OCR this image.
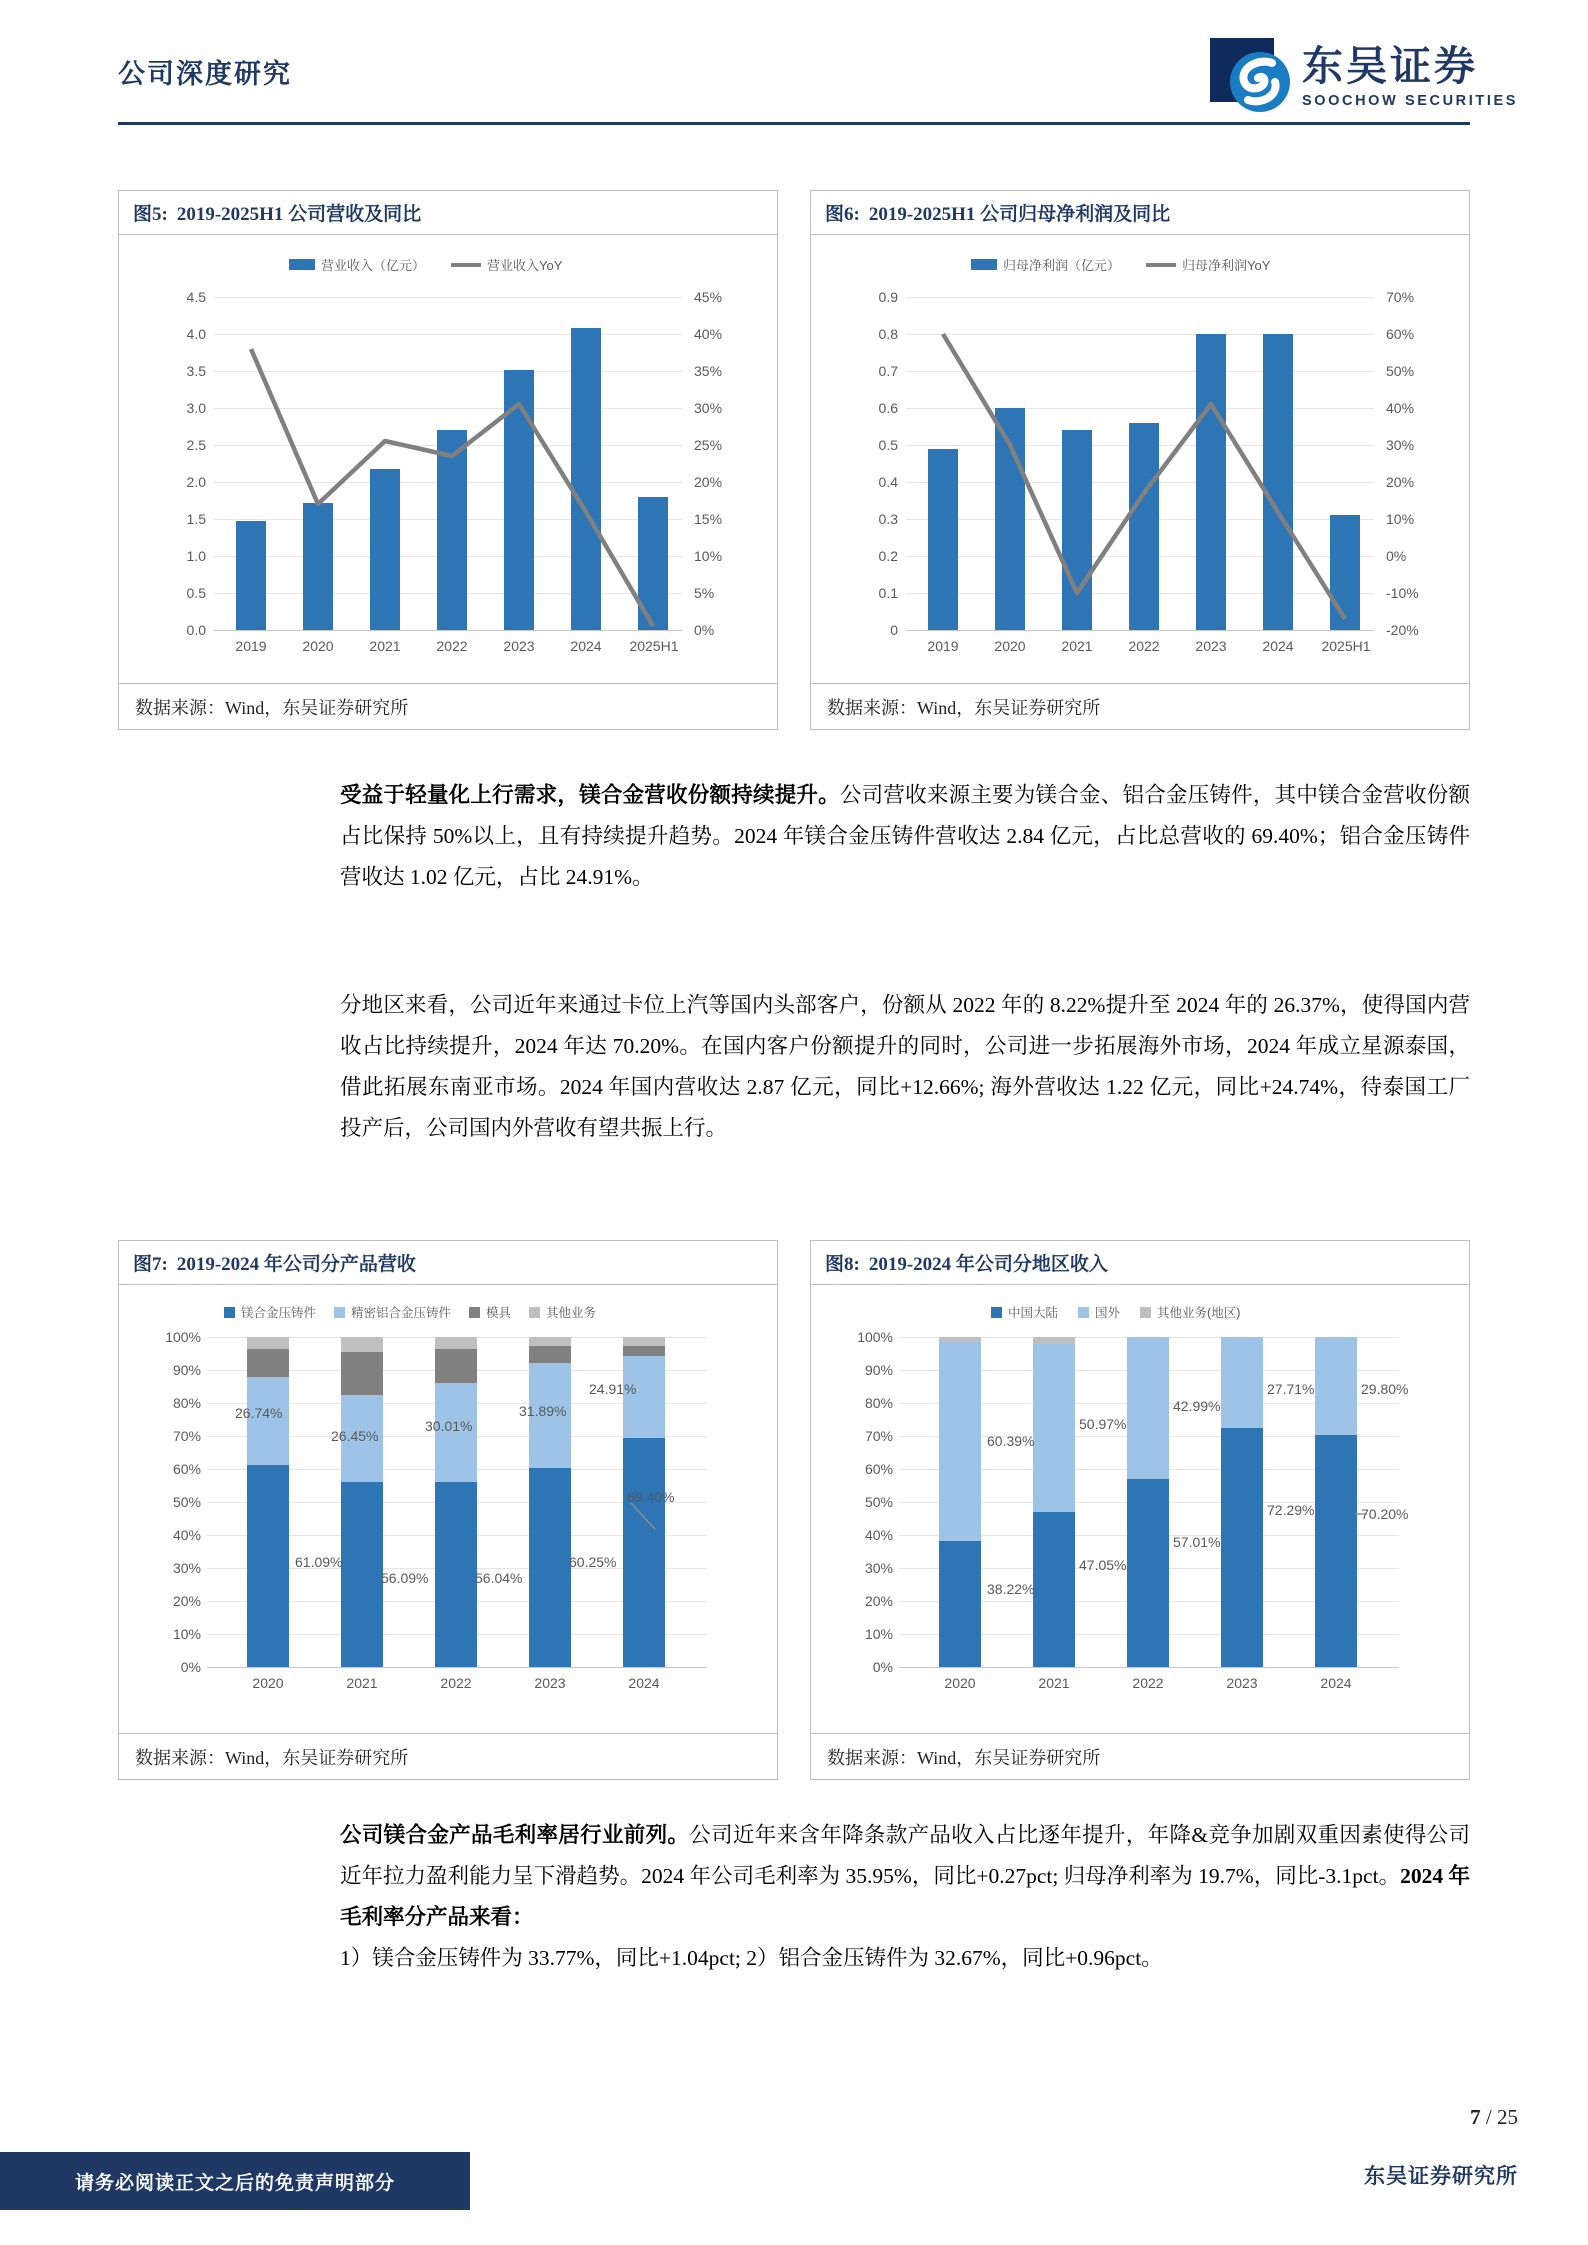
公司深度研究	东吴证券
SOOCHOW SECURITIES
图5: 2019-2025H1 公司营收及同比
营业收入（亿元）	营业收入YoY
4.5
4.0
3.5
3.0
2.5
2.0
1.5
1.0
0.5
0.0
45%
40%
35%
30%
25%
20%
15%
10%
5%
0%
2019	2020	2021	2022	2023	2024	2025H1
数据来源：Wind，东吴证券研究所
图6: 2019-2025H1 公司归母净利润及同比
归母净利润（亿元）	归母净利润YoY
0.9
0.8
0.7
0.6
0.5
0.4
0.3
0.2
0.1
0
70%
60%
50%
40%
30%
20%
10%
0%
-10%
-20%
2019	2020	2021	2022	2023	2024	2025H1
数据来源：Wind，东吴证券研究所
受益于轻量化上行需求，镁合金营收份额持续提升。公司营收来源主要为镁合金、铝合金压铸件，其中镁合金营收份额占比保持 50%以上，且有持续提升趋势。2024 年镁合金压铸件营收达 2.84 亿元，占比总营收的 69.40%；铝合金压铸件营收达 1.02 亿元，占比 24.91%。
分地区来看，公司近年来通过卡位上汽等国内头部客户，份额从 2022 年的 8.22%提升至 2024 年的 26.37%，使得国内营收占比持续提升，2024 年达 70.20%。在国内客户份额提升的同时，公司进一步拓展海外市场，2024 年成立星源泰国，借此拓展东南亚市场。2024 年国内营收达 2.87 亿元，同比+12.66%; 海外营收达 1.22 亿元，同比+24.74%，待泰国工厂投产后，公司国内外营收有望共振上行。
图7: 2019-2024 年公司分产品营收
镁合金压铸件	精密铝合金压铸件	模具	其他业务
100%
90%
80%
70%
60%
50%
40%
30%
20%
10%
0%
26.74%
26.45%
30.01%
31.89%
24.91%
61.09%
56.09%	56.04%
60.25%
69.40%
2020	2021	2022	2023	2024
数据来源：Wind，东吴证券研究所
图8: 2019-2024 年公司分地区收入
中国大陆	国外	其他业务(地区)
100%
90%
80%
70%
60%
50%
40%
30%
20%
10%
0%
60.39%
50.97%
42.99%
27.71%	29.80%
38.22%
47.05%
57.01%
72.29%	70.20%
2020	2021	2022	2023	2024
数据来源：Wind，东吴证券研究所
公司镁合金产品毛利率居行业前列。公司近年来含年降条款产品收入占比逐年提升，年降&竞争加剧双重因素使得公司近年拉力盈利能力呈下滑趋势。2024 年公司毛利率为 35.95%，同比+0.27pct; 归母净利率为 19.7%，同比-3.1pct。2024 年毛利率分产品来看：
1）镁合金压铸件为 33.77%，同比+1.04pct; 2）铝合金压铸件为 32.67%，同比+0.96pct。
7 / 25
东吴证券研究所
请务必阅读正文之后的免责声明部分
